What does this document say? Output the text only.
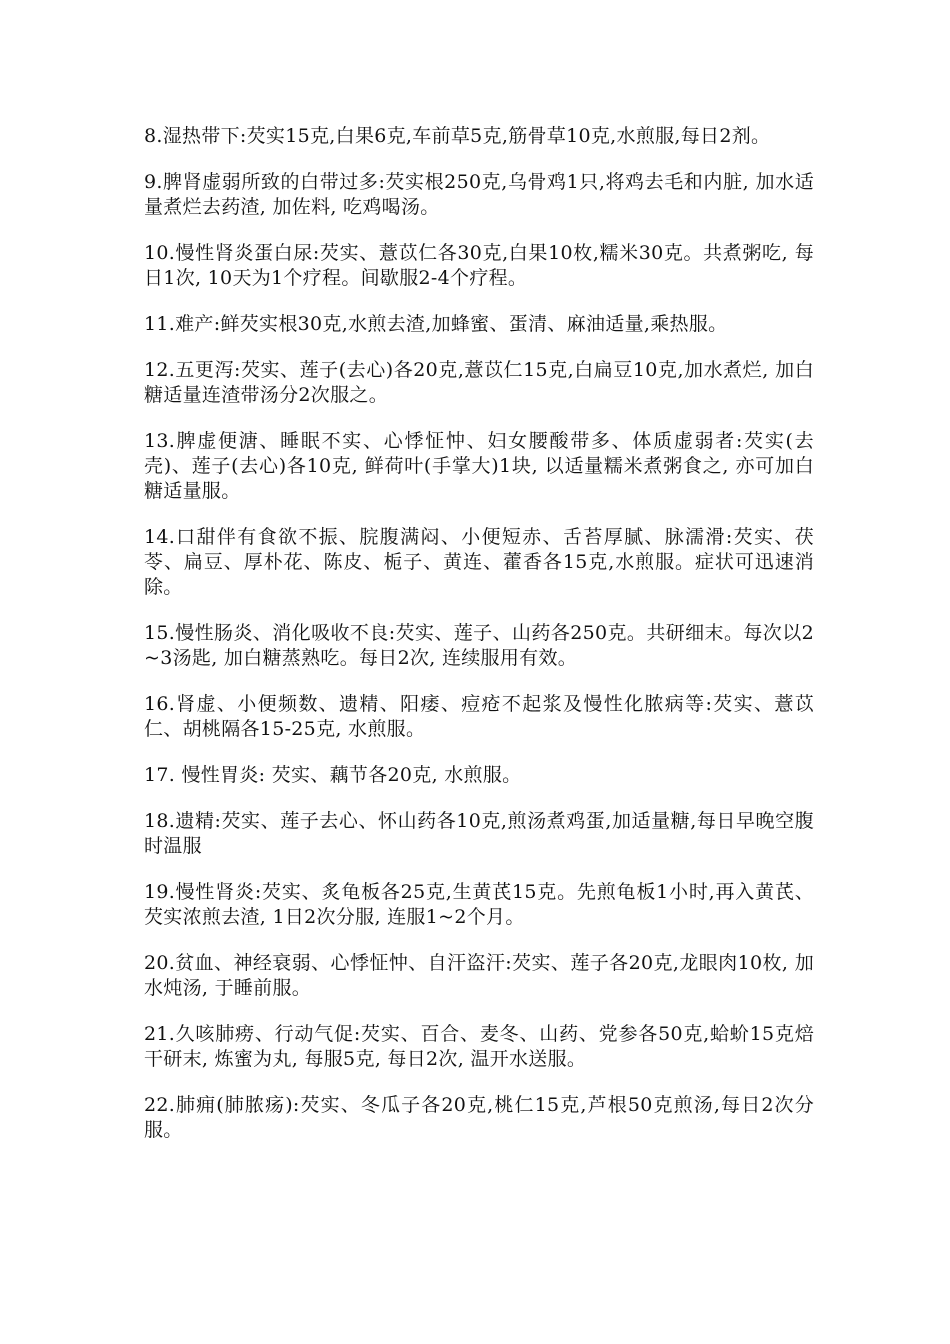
8.湿热带下:芡实15克,白果6克,车前草5克,筋骨草10克,水煎服,每日2剂。

9.脾肾虚弱所致的白带过多:芡实根250克,乌骨鸡1只,将鸡去毛和内脏, 加水适量煮烂去药渣, 加佐料, 吃鸡喝汤。

10.慢性肾炎蛋白尿:芡实、薏苡仁各30克,白果10枚,糯米30克。共煮粥吃, 每日1次, 10天为1个疗程。间歇服2-4个疗程。

11.难产:鲜芡实根30克,水煎去渣,加蜂蜜、蛋清、麻油适量,乘热服。

12.五更泻:芡实、莲子(去心)各20克,薏苡仁15克,白扁豆10克,加水煮烂, 加白糖适量连渣带汤分2次服之。

13.脾虚便溏、睡眠不实、心悸怔忡、妇女腰酸带多、体质虚弱者:芡实(去壳)、莲子(去心)各10克, 鲜荷叶(手掌大)1块, 以适量糯米煮粥食之, 亦可加白糖适量服。

14.口甜伴有食欲不振、脘腹满闷、小便短赤、舌苔厚腻、脉濡滑:芡实、茯苓、扁豆、厚朴花、陈皮、栀子、黄连、藿香各15克,水煎服。症状可迅速消除。

15.慢性肠炎、消化吸收不良:芡实、莲子、山药各250克。共研细末。每次以2~3汤匙, 加白糖蒸熟吃。每日2次, 连续服用有效。

16.肾虚、小便频数、遗精、阳痿、痘疮不起浆及慢性化脓病等:芡实、薏苡仁、胡桃隔各15-25克, 水煎服。

17. 慢性胃炎: 芡实、藕节各20克, 水煎服。

18.遗精:芡实、莲子去心、怀山药各10克,煎汤煮鸡蛋,加适量糖,每日早晚空腹时温服

19.慢性肾炎:芡实、炙龟板各25克,生黄芪15克。先煎龟板1小时,再入黄芪、芡实浓煎去渣, 1日2次分服, 连服1~2个月。

20.贫血、神经衰弱、心悸怔忡、自汗盗汗:芡实、莲子各20克,龙眼肉10枚, 加水炖汤, 于睡前服。

21.久咳肺痨、行动气促:芡实、百合、麦冬、山药、党参各50克,蛤蚧15克焙干研末, 炼蜜为丸, 每服5克, 每日2次, 温开水送服。

22.肺痈(肺脓疡):芡实、冬瓜子各20克,桃仁15克,芦根50克煎汤,每日2次分服。
